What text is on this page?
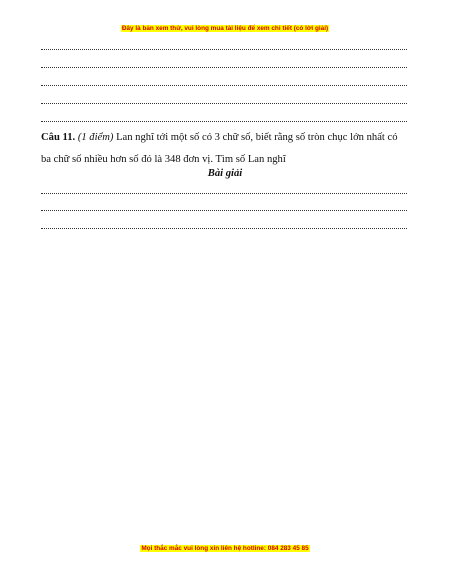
Đây là bản xem thử, vui lòng mua tài liệu để xem chi tiết (có lời giải)
Câu 11. (1 điểm) Lan nghĩ tới một số có 3 chữ số, biết rằng số tròn chục lớn nhất có ba chữ số nhiều hơn số đó là 348 đơn vị. Tìm số Lan nghĩ
Bài giải
Mọi thắc mắc vui lòng xin liên hệ hotline: 084 283 45 85
